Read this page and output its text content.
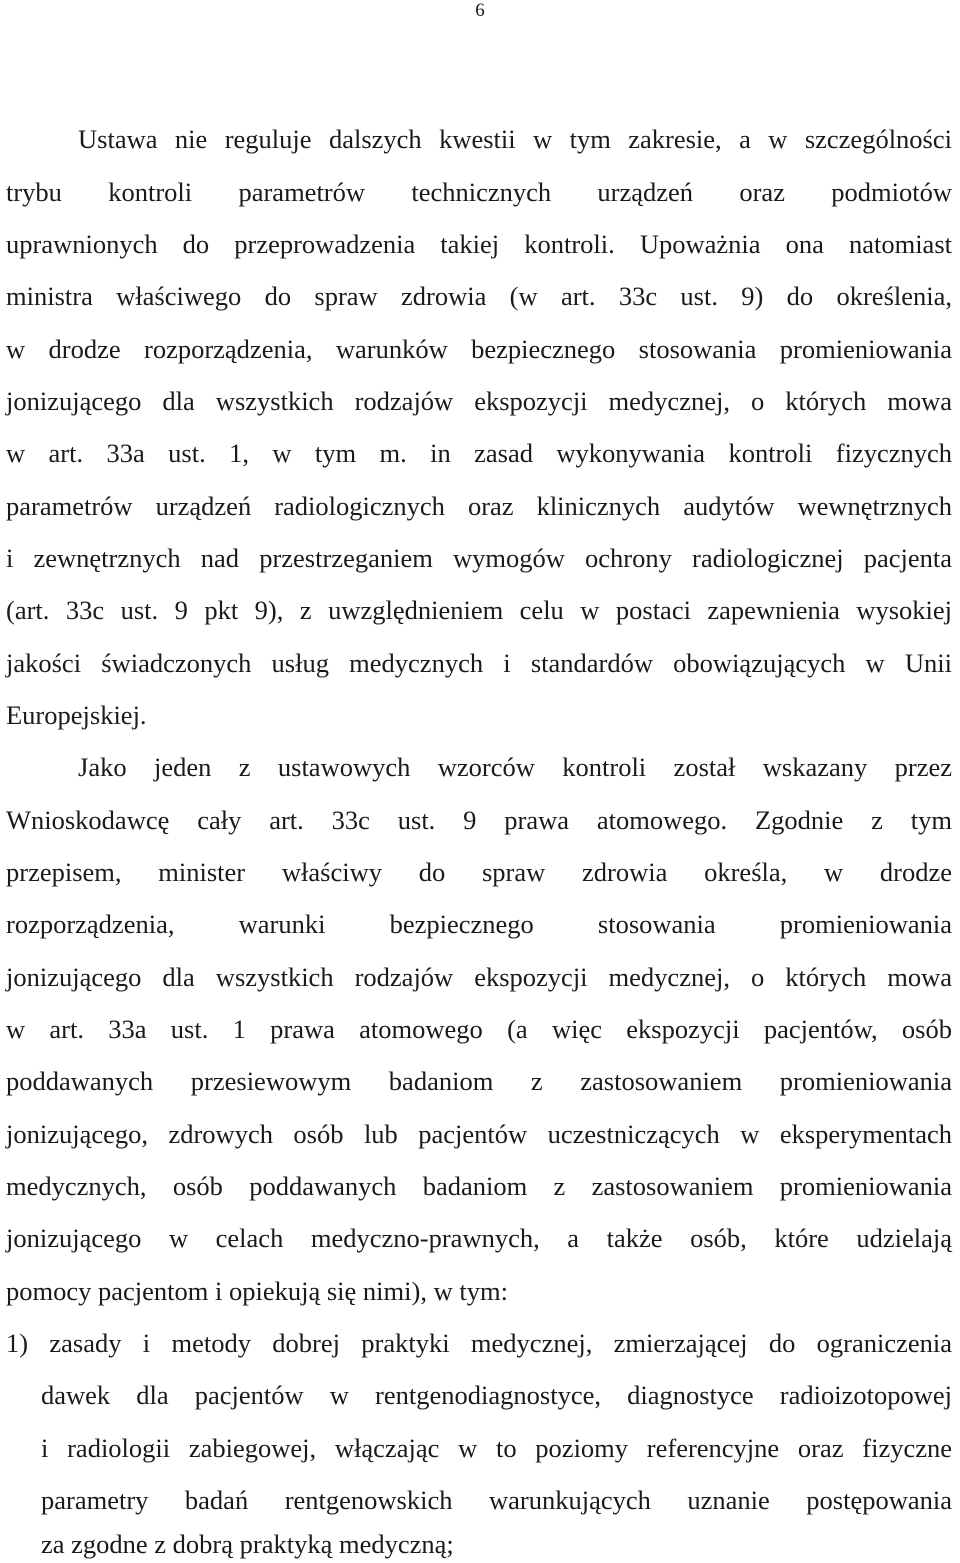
6
Ustawa nie reguluje dalszych kwestii w tym zakresie, a w szczególności
trybu kontroli parametrów technicznych urządzeń oraz podmiotów
uprawnionych do przeprowadzenia takiej kontroli. Upoważnia ona natomiast
ministra właściwego do spraw zdrowia (w art. 33c ust. 9) do określenia,
w drodze rozporządzenia, warunków bezpiecznego stosowania promieniowania
jonizującego dla wszystkich rodzajów ekspozycji medycznej, o których mowa
w art. 33a ust. 1, w tym m. in zasad wykonywania kontroli fizycznych
parametrów urządzeń radiologicznych oraz klinicznych audytów wewnętrznych
i zewnętrznych nad przestrzeganiem wymogów ochrony radiologicznej pacjenta
(art. 33c ust. 9 pkt 9), z uwzględnieniem celu w postaci zapewnienia wysokiej
jakości świadczonych usług medycznych i standardów obowiązujących w Unii
Europejskiej.
Jako jeden z ustawowych wzorców kontroli został wskazany przez
Wnioskodawcę cały art. 33c ust. 9 prawa atomowego. Zgodnie z tym
przepisem, minister właściwy do spraw zdrowia określa, w drodze
rozporządzenia, warunki bezpiecznego stosowania promieniowania
jonizującego dla wszystkich rodzajów ekspozycji medycznej, o których mowa
w art. 33a ust. 1 prawa atomowego (a więc ekspozycji pacjentów, osób
poddawanych przesiewowym badaniom z zastosowaniem promieniowania
jonizującego, zdrowych osób lub pacjentów uczestniczących w eksperymentach
medycznych, osób poddawanych badaniom z zastosowaniem promieniowania
jonizującego w celach medyczno-prawnych, a także osób, które udzielają
pomocy pacjentom i opiekują się nimi), w tym:
1) zasady i metody dobrej praktyki medycznej, zmierzającej do ograniczenia
dawek dla pacjentów w rentgenodiagnostyce, diagnostyce radioizotopowej
i radiologii zabiegowej, włączając w to poziomy referencyjne oraz fizyczne
parametry badań rentgenowskich warunkujących uznanie postępowania
za zgodne z dobrą praktyką medyczną;
